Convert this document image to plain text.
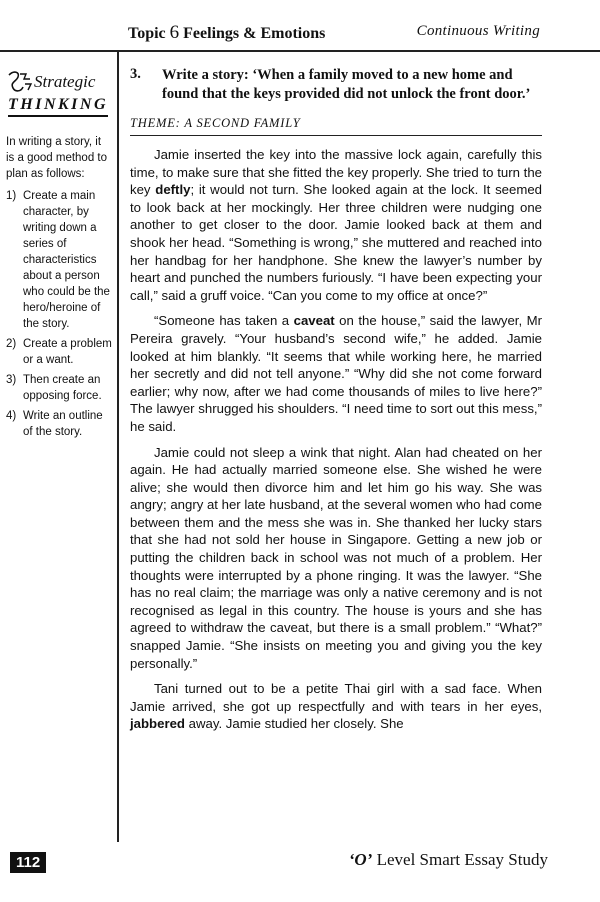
Topic 6 Feelings & Emotions	Continuous Writing
Strategic
THINKING
In writing a story, it is a good method to plan as follows:
1) Create a main character, by writing down a series of characteristics about a person who could be the hero/heroine of the story.
2) Create a problem or a want.
3) Then create an opposing force.
4) Write an outline of the story.
3. Write a story: ‘When a family moved to a new home and found that the keys provided did not unlock the front door.’
THEME: A SECOND FAMILY

Jamie inserted the key into the massive lock again, carefully this time, to make sure that she fitted the key properly. She tried to turn the key deftly; it would not turn. She looked again at the lock. It seemed to look back at her mockingly. Her three children were nudging one another to get closer to the door. Jamie looked back at them and shook her head. “Something is wrong,” she muttered and reached into her handbag for her handphone. She knew the lawyer’s number by heart and punched the numbers furiously. “I have been expecting your call,” said a gruff voice. “Can you come to my office at once?”

“Someone has taken a caveat on the house,” said the lawyer, Mr Pereira gravely. “Your husband’s second wife,” he added. Jamie looked at him blankly. “It seems that while working here, he married her secretly and did not tell anyone.” “Why did she not come forward earlier; why now, after we had come thousands of miles to live here?” The lawyer shrugged his shoulders. “I need time to sort out this mess,” he said.

Jamie could not sleep a wink that night. Alan had cheated on her again. He had actually married someone else. She wished he were alive; she would then divorce him and let him go his way. She was angry; angry at her late husband, at the several women who had come between them and the mess she was in. She thanked her lucky stars that she had not sold her house in Singapore. Getting a new job or putting the children back in school was not much of a problem. Her thoughts were interrupted by a phone ringing. It was the lawyer. “She has no real claim; the marriage was only a native ceremony and is not recognised as legal in this country. The house is yours and she has agreed to withdraw the caveat, but there is a small problem.” “What?” snapped Jamie. “She insists on meeting you and giving you the key personally.”

Tani turned out to be a petite Thai girl with a sad face. When Jamie arrived, she got up respectfully and with tears in her eyes, jabbered away. Jamie studied her closely. She

112	‘O’ Level Smart Essay Study
